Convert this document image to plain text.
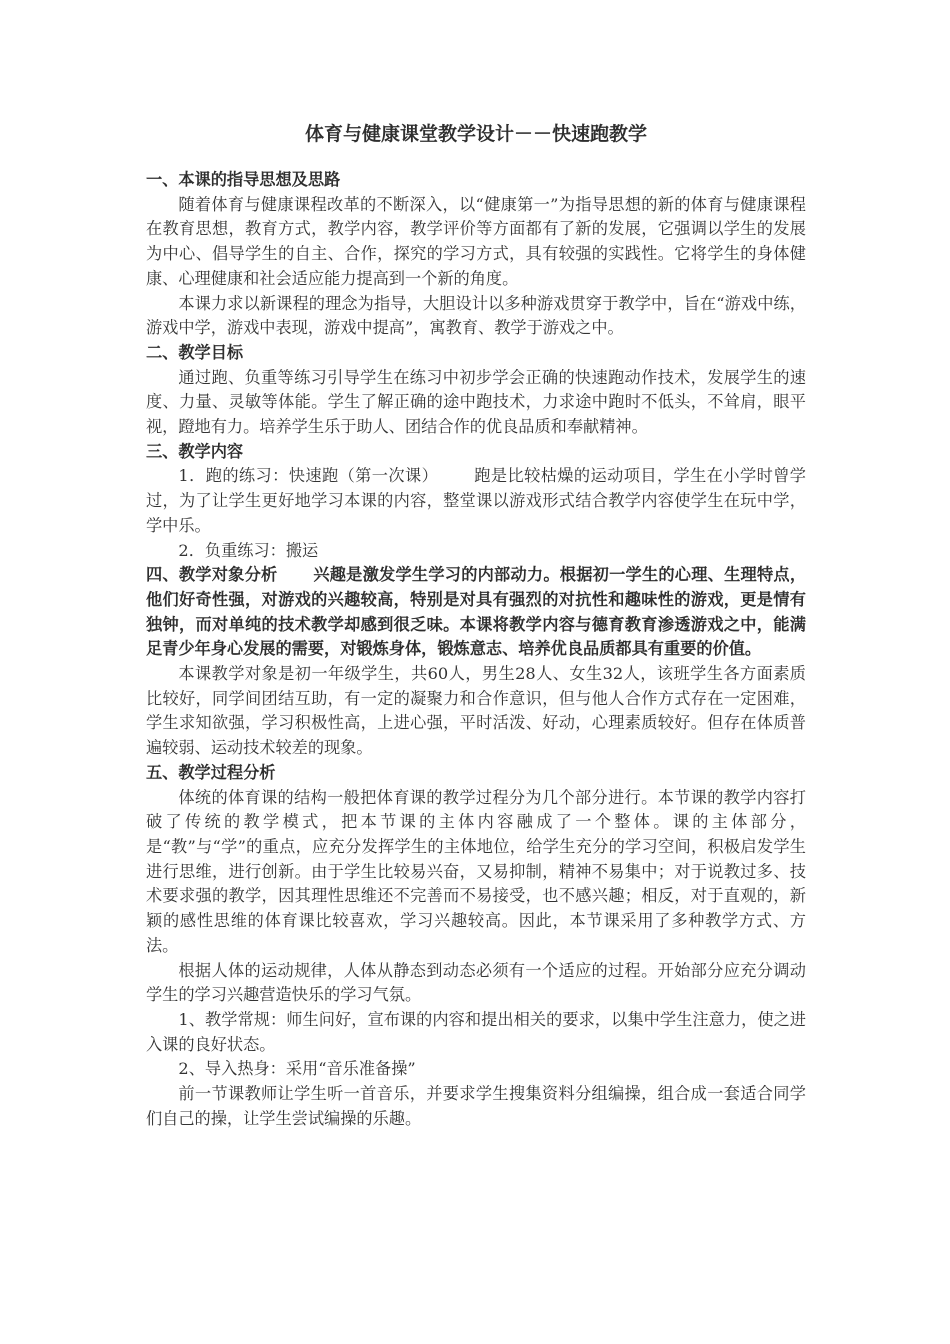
体育与健康课堂教学设计－－快速跑教学
一、本课的指导思想及思路

随着体育与健康课程改革的不断深入，以“健康第一”为指导思想的新的体育与健康课程在教育思想，教育方式，教学内容，教学评价等方面都有了新的发展，它强调以学生的发展为中心、倡导学生的自主、合作，探究的学习方式，具有较强的实践性。它将学生的身体健康、心理健康和社会适应能力提高到一个新的角度。

本课力求以新课程的理念为指导，大胆设计以多种游戏贯穿于教学中，旨在“游戏中练，游戏中学，游戏中表现，游戏中提高”，寓教育、教学于游戏之中。

二、教学目标

通过跑、负重等练习引导学生在练习中初步学会正确的快速跑动作技术，发展学生的速度、力量、灵敏等体能。学生了解正确的途中跑技术，力求途中跑时不低头，不耸肩，眼平视，蹬地有力。培养学生乐于助人、团结合作的优良品质和奉献精神。

三、教学内容

1．跑的练习：快速跑（第一次课） 跑是比较枯燥的运动项目，学生在小学时曾学过，为了让学生更好地学习本课的内容，整堂课以游戏形式结合教学内容使学生在玩中学，学中乐。

2．负重练习：搬运

四、教学对象分析 兴趣是激发学生学习的内部动力。根据初一学生的心理、生理特点，他们好奇性强，对游戏的兴趣较高，特别是对具有强烈的对抗性和趣味性的游戏，更是情有独钟，而对单纯的技术教学却感到很乏味。本课将教学内容与德育教育渗透游戏之中，能满足青少年身心发展的需要，对锻炼身体，锻炼意志、培养优良品质都具有重要的价值。

本课教学对象是初一年级学生，共60人，男生28人、女生32人，该班学生各方面素质比较好，同学间团结互助，有一定的凝聚力和合作意识，但与他人合作方式存在一定困难，学生求知欲强，学习积极性高，上进心强，平时活泼、好动，心理素质较好。但存在体质普遍较弱、运动技术较差的现象。

五、教学过程分析

体统的体育课的结构一般把体育课的教学过程分为几个部分进行。本节课的教学内容打破了传统的教学模式，把本节课的主体内容融成了一个整体。课的主体部分，是“教”与“学”的重点，应充分发挥学生的主体地位，给学生充分的学习空间，积极启发学生进行思维，进行创新。由于学生比较易兴奋，又易抑制，精神不易集中；对于说教过多、技术要求强的教学，因其理性思维还不完善而不易接受，也不感兴趣；相反，对于直观的，新颖的感性思维的体育课比较喜欢，学习兴趣较高。因此，本节课采用了多种教学方式、方法。

根据人体的运动规律，人体从静态到动态必须有一个适应的过程。开始部分应充分调动学生的学习兴趣营造快乐的学习气氛。

1、教学常规：师生问好，宣布课的内容和提出相关的要求，以集中学生注意力，使之进入课的良好状态。

2、导入热身：采用“音乐准备操”

前一节课教师让学生听一首音乐，并要求学生搜集资料分组编操，组合成一套适合同学们自己的操，让学生尝试编操的乐趣。
